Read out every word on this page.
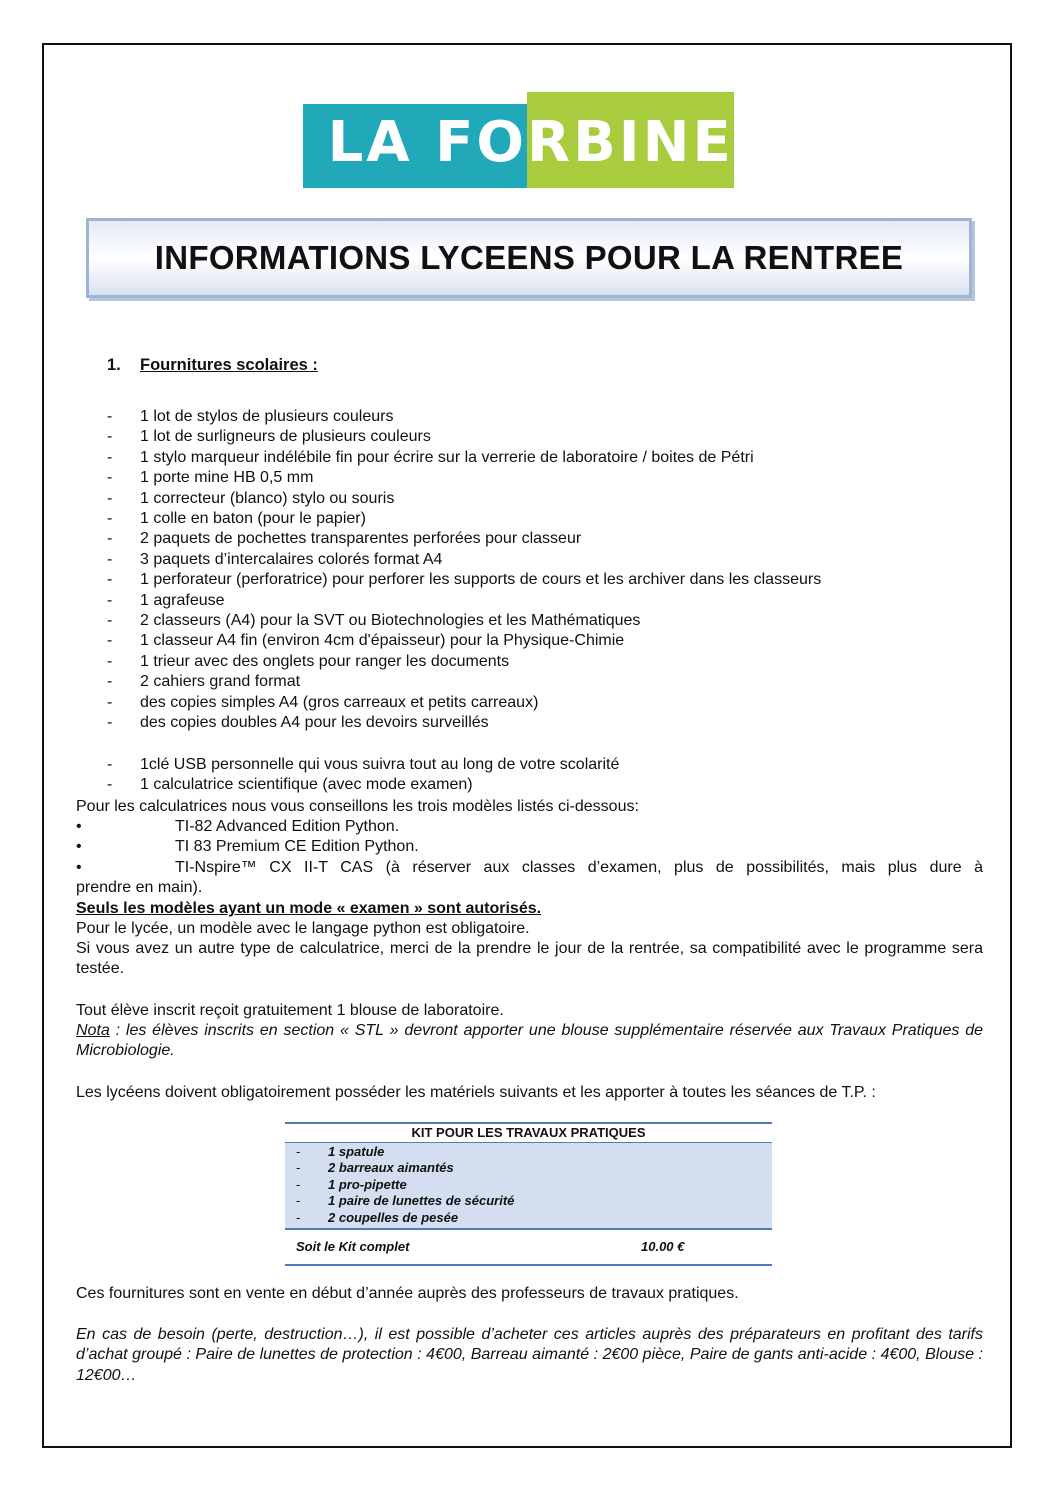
LA FO RBINE
INFORMATIONS LYCEENS POUR LA RENTREE
1. Fournitures scolaires :
- 1 lot de stylos de plusieurs couleurs
- 1 lot de surligneurs de plusieurs couleurs
- 1 stylo marqueur indélébile fin pour écrire sur la verrerie de laboratoire / boites de Pétri
- 1 porte mine HB 0,5 mm
- 1 correcteur (blanco) stylo ou souris
- 1 colle en baton (pour le papier)
- 2 paquets de pochettes transparentes perforées pour classeur
- 3 paquets d’intercalaires colorés format A4
- 1 perforateur (perforatrice) pour perforer les supports de cours et les archiver dans les classeurs
- 1 agrafeuse
- 2 classeurs (A4) pour la SVT ou Biotechnologies et les Mathématiques
- 1 classeur A4 fin (environ 4cm d'épaisseur) pour la Physique-Chimie
- 1 trieur avec des onglets pour ranger les documents
- 2 cahiers grand format
- des copies simples A4 (gros carreaux et petits carreaux)
- des copies doubles A4 pour les devoirs surveillés
- 1clé USB personnelle qui vous suivra tout au long de votre scolarité
- 1 calculatrice scientifique (avec mode examen)
Pour les calculatrices nous vous conseillons les trois modèles listés ci-dessous:
•	TI-82 Advanced Edition Python.
•	TI 83 Premium CE Edition Python.
•	TI-Nspire™ CX II-T CAS (à réserver aux classes d’examen, plus de possibilités, mais plus dure à
prendre en main).
Seuls les modèles ayant un mode « examen » sont autorisés.
Pour le lycée, un modèle avec le langage python est obligatoire.
Si vous avez un autre type de calculatrice, merci de la prendre le jour de la rentrée, sa compatibilité avec le programme sera testée.
Tout élève inscrit reçoit gratuitement 1 blouse de laboratoire.
Nota : les élèves inscrits en section « STL » devront apporter une blouse supplémentaire réservée aux Travaux Pratiques de Microbiologie.
Les lycéens doivent obligatoirement posséder les matériels suivants et les apporter à toutes les séances de T.P. :
KIT POUR LES TRAVAUX PRATIQUES
- 1 spatule
- 2 barreaux aimantés
- 1 pro-pipette
- 1 paire de lunettes de sécurité
- 2 coupelles de pesée
Soit le Kit complet	10.00 €
Ces fournitures sont en vente en début d’année auprès des professeurs de travaux pratiques.
En cas de besoin (perte, destruction…), il est possible d’acheter ces articles auprès des préparateurs en profitant des tarifs d’achat groupé : Paire de lunettes de protection : 4€00, Barreau aimanté : 2€00 pièce, Paire de gants anti-acide : 4€00, Blouse : 12€00…
